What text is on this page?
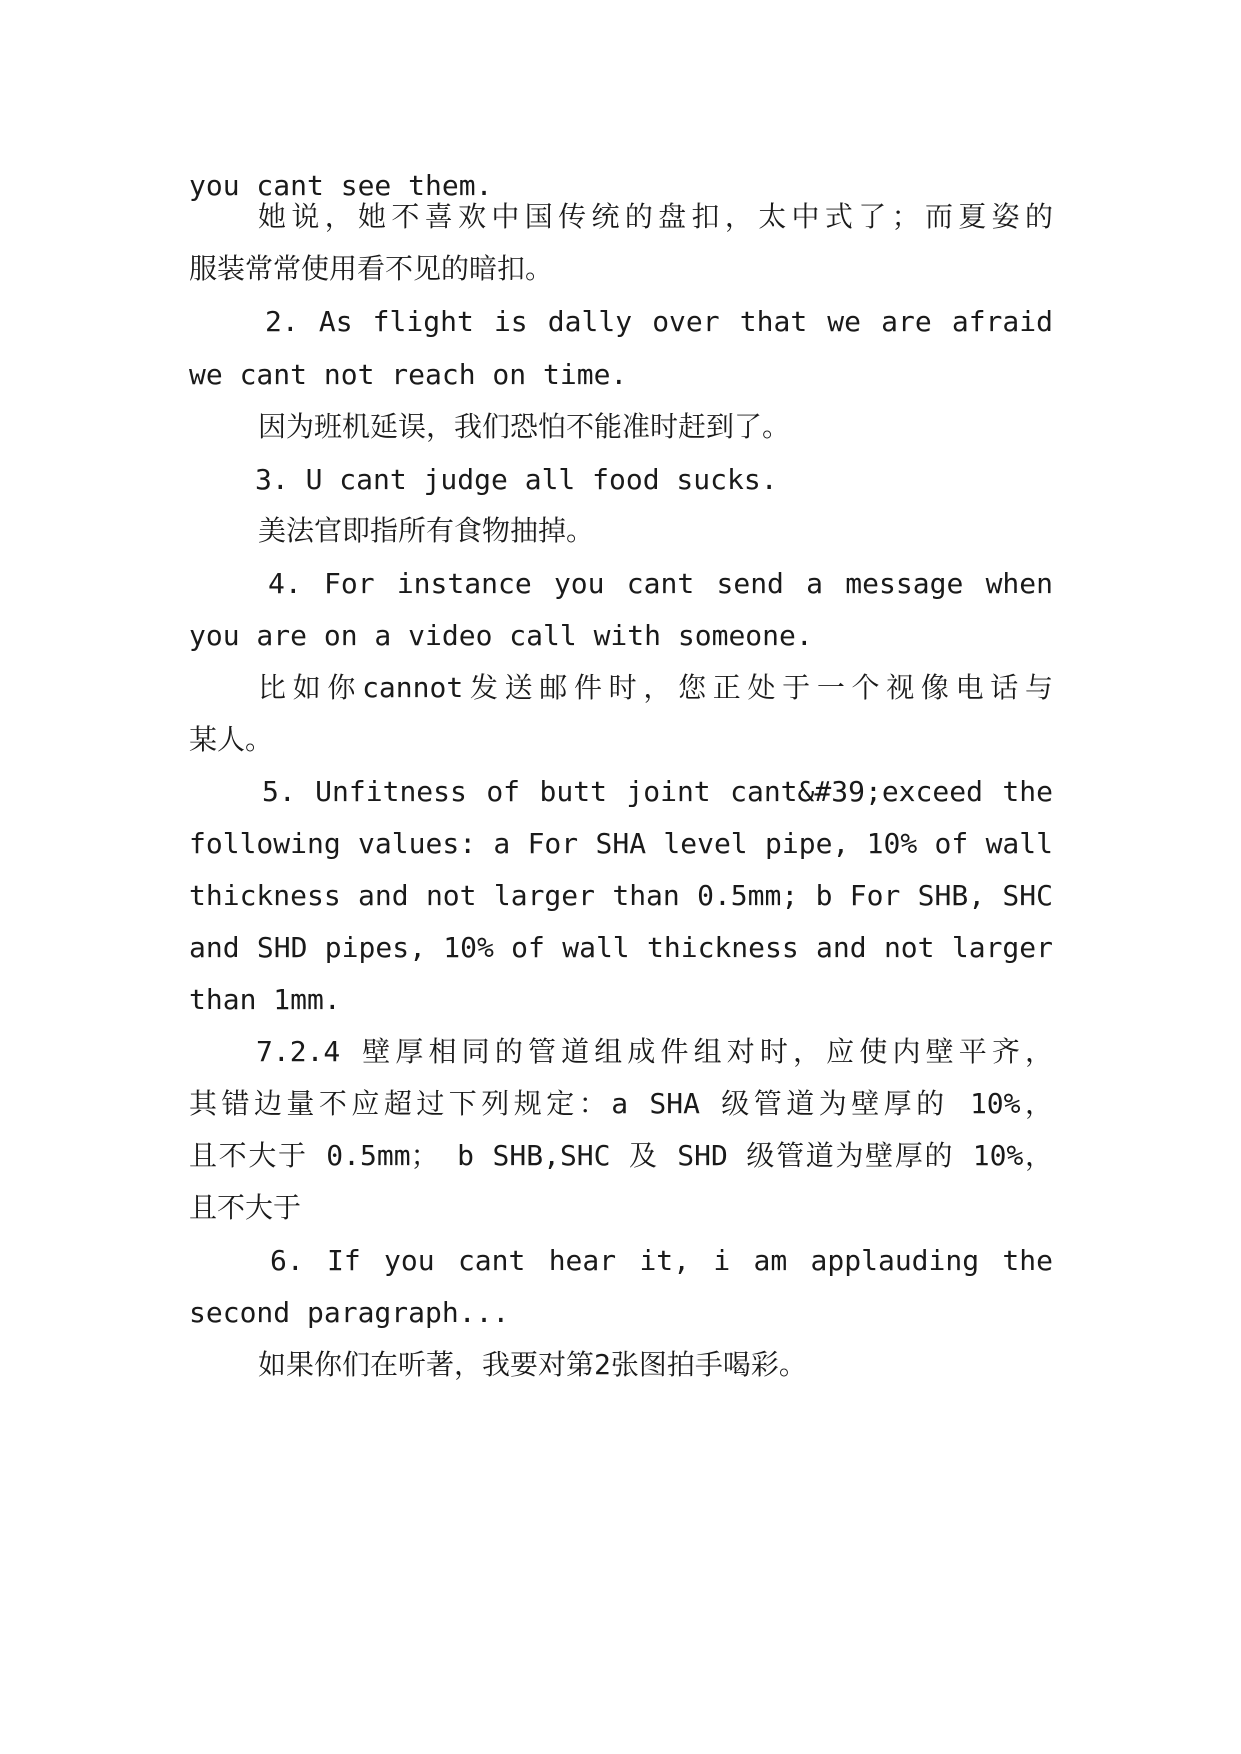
you cant see them.
她说，她不喜欢中国传统的盘扣，太中式了；而夏姿的
服装常常使用看不见的暗扣。
2. As flight is dally over that we are afraid
we cant not reach on time.
因为班机延误，我们恐怕不能准时赶到了。
3. U cant judge all food sucks.
美法官即指所有食物抽掉。
4. For instance you cant send a message when
you are on a video call with someone.
比如你cannot发送邮件时，您正处于一个视像电话与
某人。
5. Unfitness of butt joint cant&#39;exceed the
following values: a For SHA level pipe, 10% of wall
thickness and not larger than 0.5mm; b For SHB, SHC
and SHD pipes, 10% of wall thickness and not larger
than 1mm.
7.2.4 壁厚相同的管道组成件组对时，应使内壁平齐，
其错边量不应超过下列规定：a SHA 级管道为壁厚的 10%，
且不大于 0.5mm； b SHB,SHC 及 SHD 级管道为壁厚的 10%，
且不大于
6. If you cant hear it, i am applauding the
second paragraph...
如果你们在听著，我要对第2张图拍手喝彩。
